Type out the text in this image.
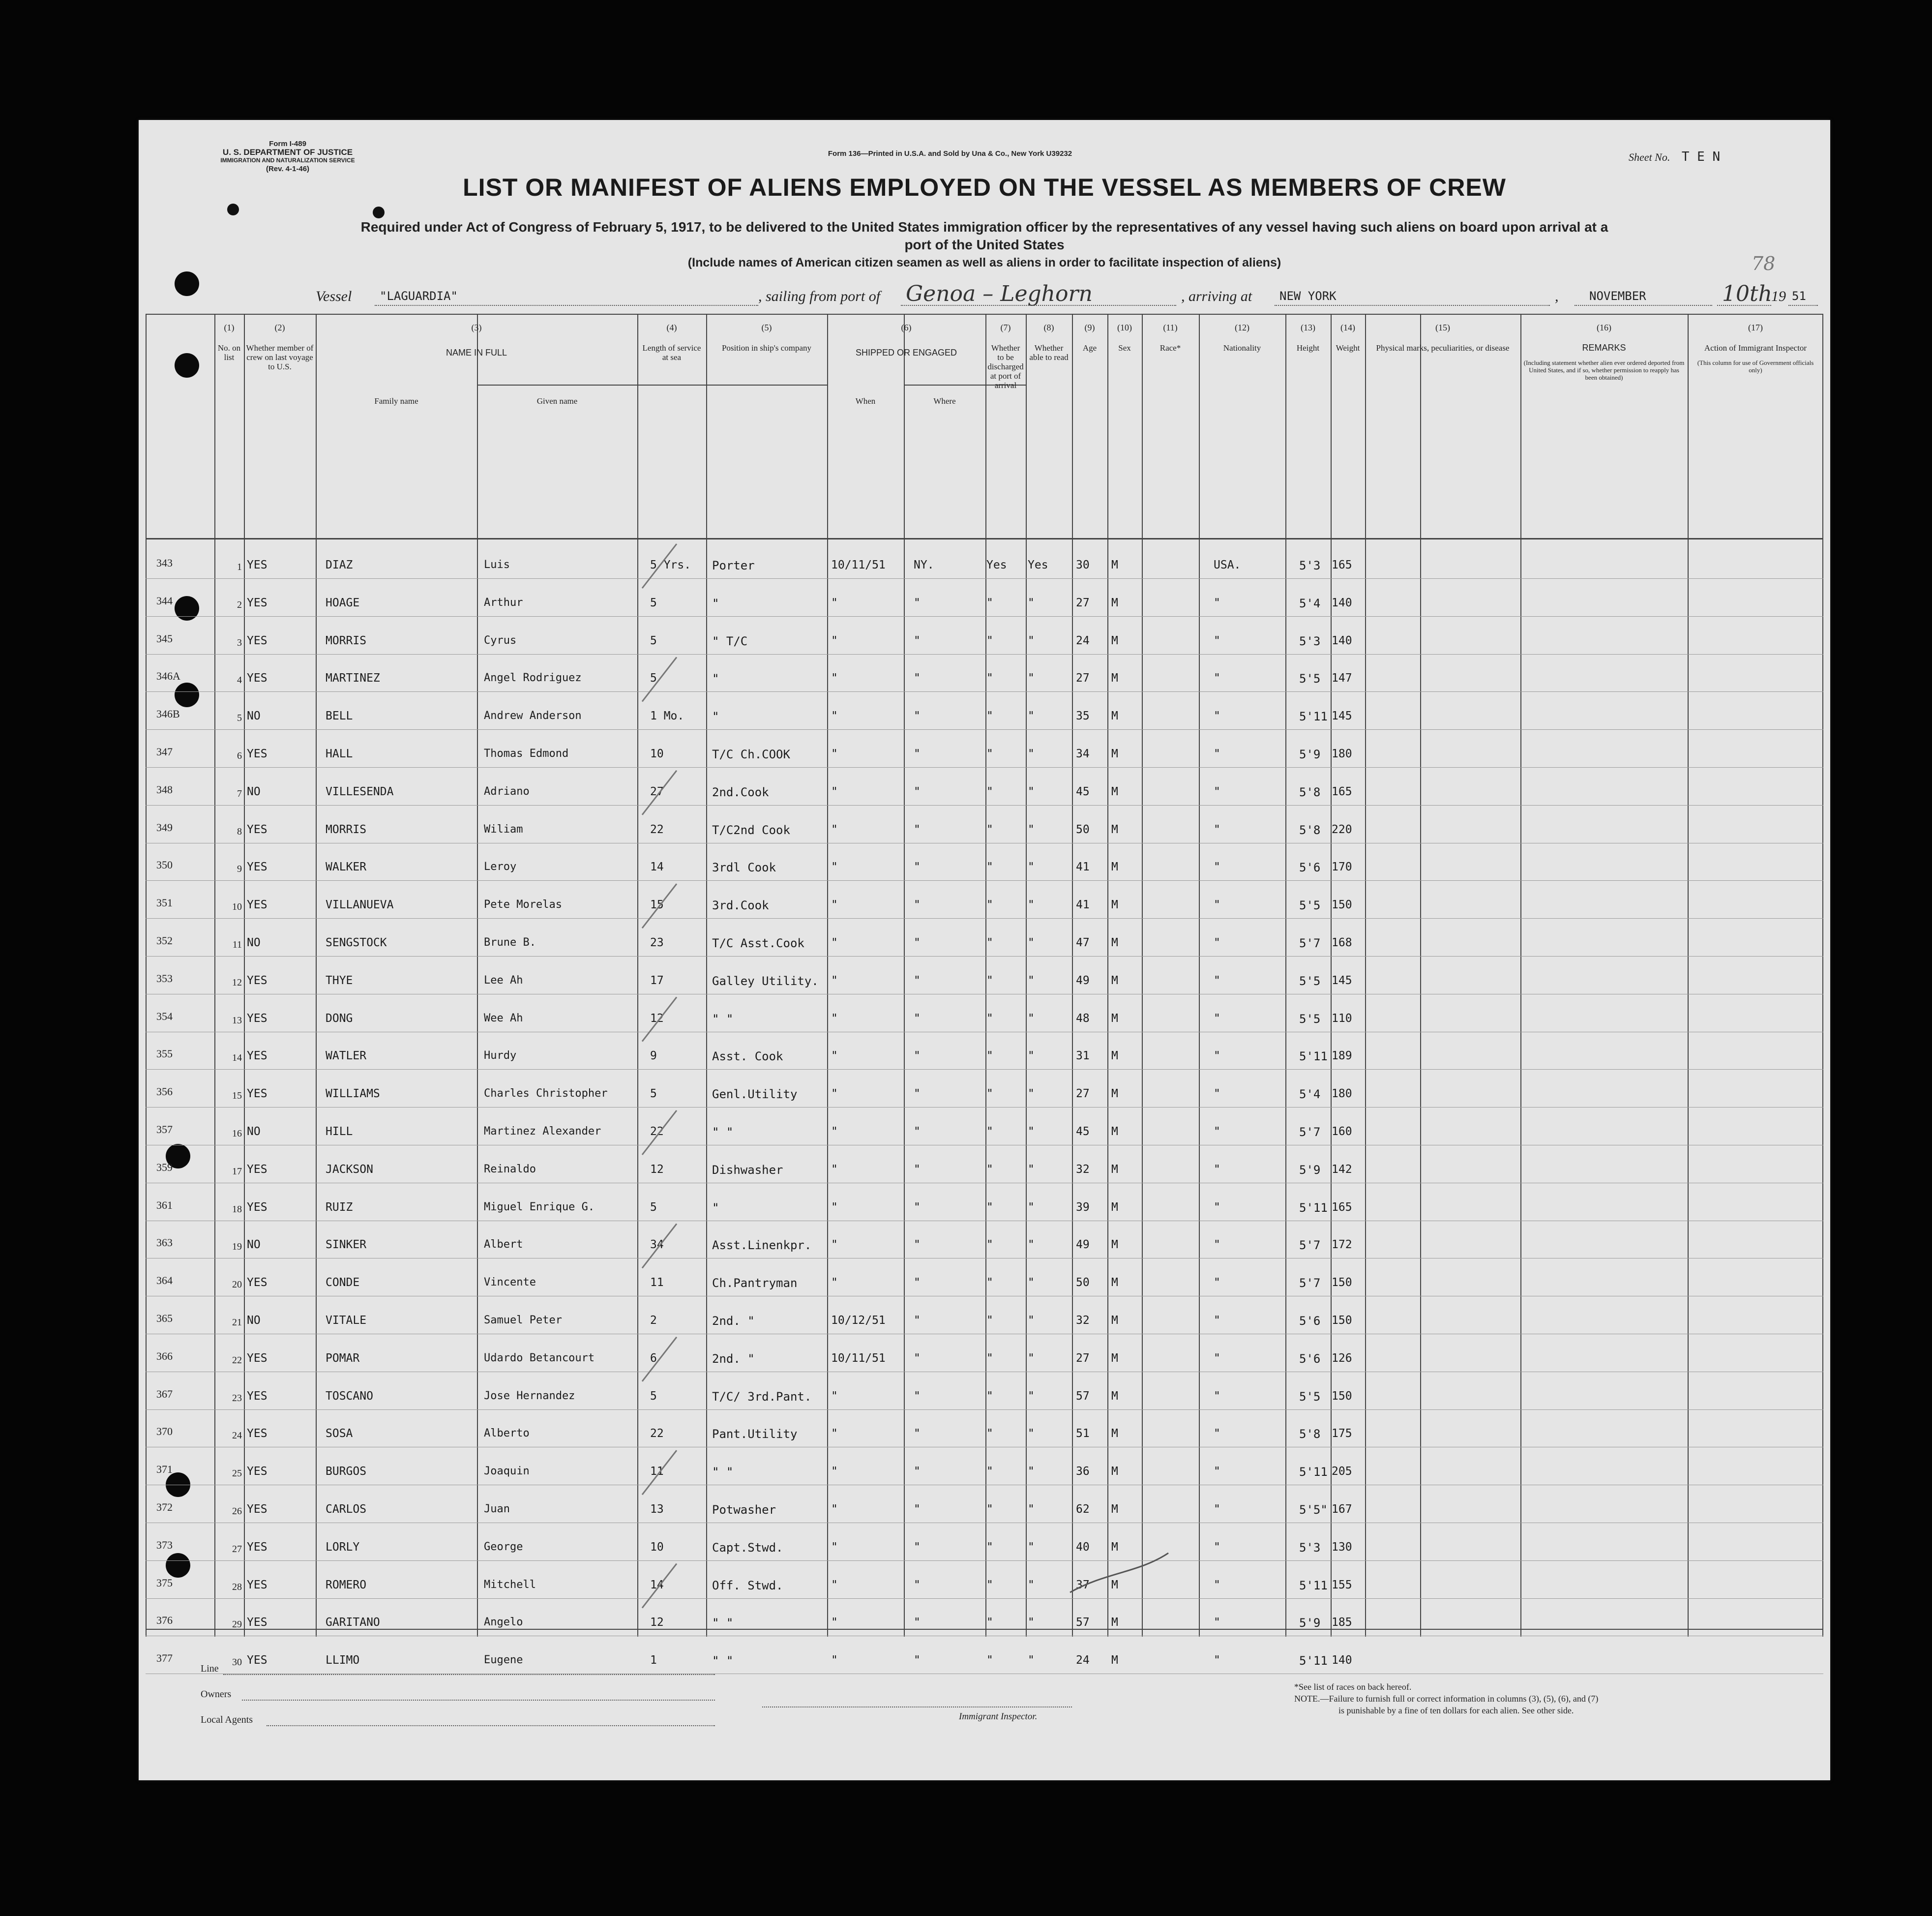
Form I-489
U. S. DEPARTMENT OF JUSTICE
IMMIGRATION AND NATURALIZATION SERVICE
(Rev. 4-1-46)
Form 136—Printed in U.S.A. and Sold by Una & Co., New York U39232	Sheet No. T E N
78
LIST OR MANIFEST OF ALIENS EMPLOYED ON THE VESSEL AS MEMBERS OF CREW
Required under Act of Congress of February 5, 1917, to be delivered to the United States immigration officer by the representatives of any vessel having such aliens on board upon arrival at a
port of the United States
(Include names of American citizen seamen as well as aliens in order to facilitate inspection of aliens)
Vessel "LAGUARDIA"	, sailing from port of Genoa – Leghorn	, arriving at NEW YORK	,	NOVEMBER	10th
19 51
(1)
No. on list
(2)
Whether member of crew on last voyage to U.S.
(3)
NAME IN FULL
Family name	Given name
(4)
Length of service at sea
(5)
Position in ship's company
(6)
SHIPPED OR ENGAGED
When	Where
(7)
Whether to be discharged at port of arrival
(8)
Whether able to read
(9)
Age
(10)
Sex
(11)
Race*
(12)
Nationality
(13)
Height
(14)
Weight
(15)
Physical marks, peculiarities, or disease
(16)
REMARKS
(Including statement whether alien ever ordered deported from United States, and if so, whether permission to reapply has been obtained)
(17)
Action of Immigrant Inspector
(This column for use of Government officials only)
343	1 YES	DIAZ	Luis	5 Yrs. Porter	10/11/51 NY.	Yes Yes 30 M	USA.	5'3 165
344	2 YES	HOAGE	Arthur	5	"	"	"	"	"	27 M	"	5'4 140
345	3 YES	MORRIS	Cyrus	5	" T/C	"	"	"	"	24 M	"	5'3 140
346A	4 YES	MARTINEZ	Angel Rodriguez	5	"	"	"	"	"	27 M	"	5'5 147
346B	5 NO	BELL	Andrew Anderson	1 Mo. "	"	"	"	"	35 M	"	5'11 145
347	6 YES	HALL	Thomas Edmond	10	T/C Ch.COOK	"	"	"	"	34 M	"	5'9 180
348	7 NO	VILLESENDA	Adriano	27	2nd.Cook	"	"	"	"	45 M	"	5'8 165
349	8 YES	MORRIS	Wiliam	22	T/C2nd Cook	"	"	"	"	50 M	"	5'8 220
350	9 YES	WALKER	Leroy	14	3rdl Cook	"	"	"	"	41 M	"	5'6 170
351	10 YES	VILLANUEVA	Pete Morelas	15	3rd.Cook	"	"	"	"	41 M	"	5'5 150
352	11 NO	SENGSTOCK	Brune B.	23	T/C Asst.Cook "	"	"	"	47 M	"	5'7 168
353	12 YES	THYE	Lee Ah	17	Galley Utility. "	"	"	"	49 M	"	5'5 145
354	13 YES	DONG	Wee Ah	12	" "	"	"	"	"	48 M	"	5'5 110
355	14 YES	WATLER	Hurdy	9	Asst. Cook	"	"	"	"	31 M	"	5'11 189
356	15 YES	WILLIAMS	Charles Christopher	5	Genl.Utility	"	"	"	"	27 M	"	5'4 180
357	16 NO	HILL	Martinez Alexander	22	" "	"	"	"	"	45 M	"	5'7 160
359	17 YES	JACKSON	Reinaldo	12	Dishwasher	"	"	"	"	32 M	"	5'9 142
361	18 YES	RUIZ	Miguel Enrique G.	5	"	"	"	"	"	39 M	"	5'11 165
363	19 NO	SINKER	Albert	34	Asst.Linenkpr. "	"	"	"	49 M	"	5'7 172
364	20 YES	CONDE	Vincente	11	Ch.Pantryman	"	"	"	"	50 M	"	5'7 150
365	21 NO	VITALE	Samuel Peter	2	2nd. "	10/12/51 "	"	"	32 M	"	5'6 150
366	22 YES	POMAR	Udardo Betancourt	6	2nd. "	10/11/51 "	"	"	27 M	"	5'6 126
367	23 YES	TOSCANO	Jose Hernandez	5	T/C/ 3rd.Pant. "	"	"	"	57 M	"	5'5 150
370	24 YES	SOSA	Alberto	22	Pant.Utility	"	"	"	"	51 M	"	5'8 175
371	25 YES	BURGOS	Joaquin	11	" "	"	"	"	"	36 M	"	5'11 205
372	26 YES	CARLOS	Juan	13	Potwasher	"	"	"	"	62 M	"	5'5" 167
373	27 YES	LORLY	George	10	Capt.Stwd.	"	"	"	"	40 M	"	5'3 130
375	28 YES	ROMERO	Mitchell	14	Off. Stwd.	"	"	"	"	37 M	"	5'11 155
376	29 YES	GARITANO	Angelo	12	" "	"	"	"	"	57 M	"	5'9 185
377	30 YES	LLIMO	Eugene	1	" "	"	"	"	"	24 M	"	5'11 140
Line
Owners
Local Agents	Immigrant Inspector.
*See list of races on back hereof.
NOTE.—Failure to furnish full or correct information in columns (3), (5), (6), and (7)
is punishable by a fine of ten dollars for each alien. See other side.
